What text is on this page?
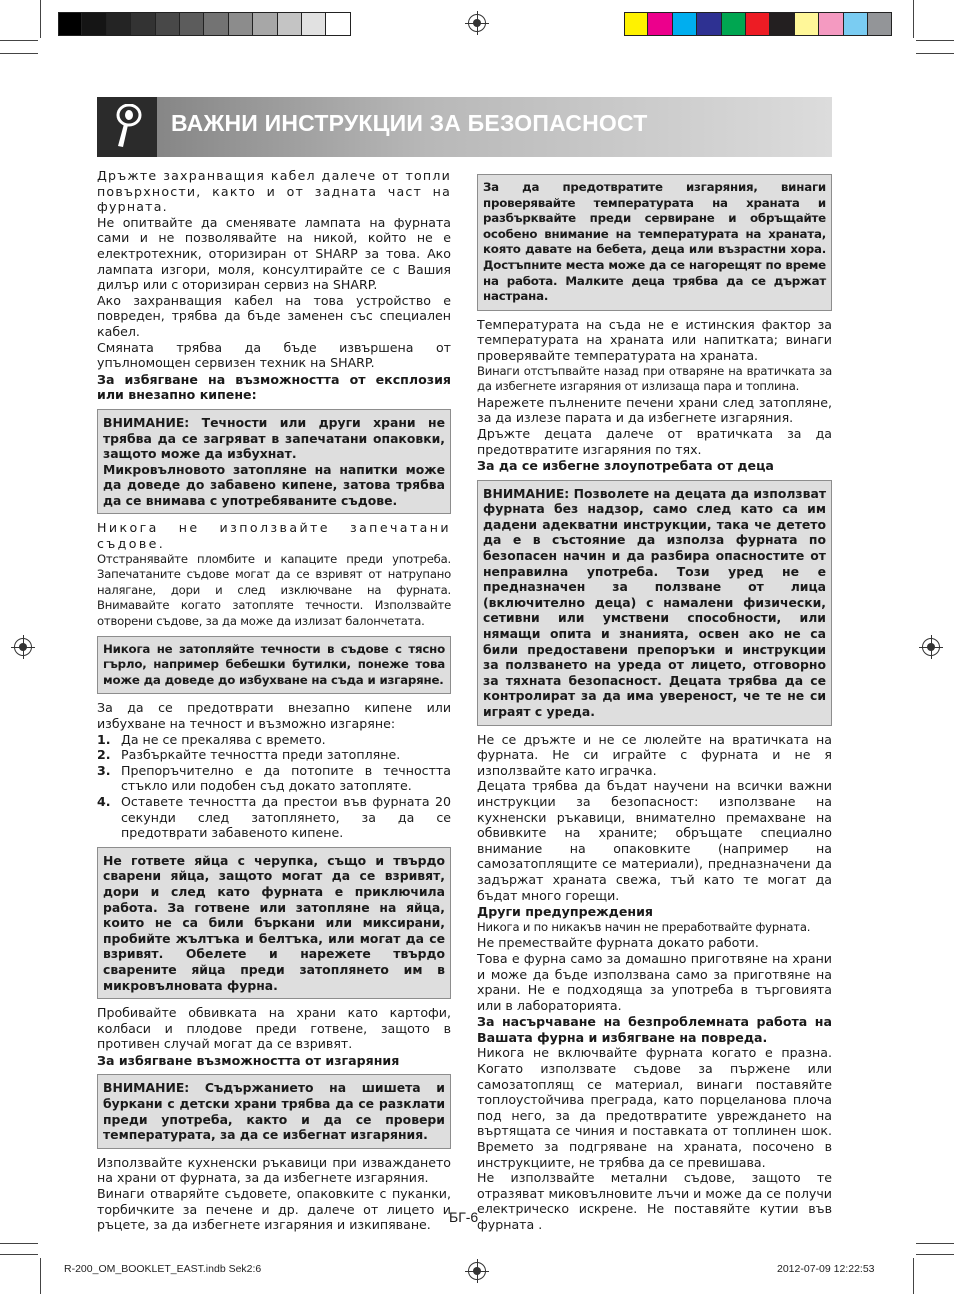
ВАЖНИ ИНСТРУКЦИИ ЗА БЕЗОПАСНОСТ

Дръжте захранващия кабел далече от топли повърхности, както и от задната част на фурната.

Не опитвайте да сменявате лампата на фурната сами и не позволявайте на никой, който не е електротехник, оторизиран от SHARP за това. Ако лампата изгори, моля, консултирайте се с Вашия дилър или с оторизиран сервиз на SHARP.

Ако захранващия кабел на това устройство е повреден, трябва да бъде заменен със специален кабел.

Смяната трябва да бъде извършена от упълномощен сервизен техник на SHARP.

За избягване на възможността от експлозия или внезапно кипене:

ВНИМАНИЕ: Течности или други храни не трябва да се загряват в запечатани опаковки, защото може да избухнат.
Микровълновото затопляне на напитки може да доведе до забавено кипене, затова трябва да се внимава с употребяваните съдове.

Никога не използвайте запечатани съдове.

Отстранявайте пломбите и капаците преди употреба. Запечатаните съдове могат да се взривят от натрупано налягане, дори и след изключване на фурната. Внимавайте когато затопляте течности. Използвайте отворени съдове, за да може да излизат балончетата.

Никога не затопляйте течности в съдове с тясно гърло, например бебешки бутилки, понеже това може да доведе до избухване на съда и изгаряне.

За да се предотврати внезапно кипене или избухване на течност и възможно изгаряне:

1. Да не се прекалява с времето.
2. Разбъркайте течността преди затопляне.
3. Препоръчително е да потопите в течността стъкло или подобен съд докато затопляте.
4. Оставете течността да престои във фурната 20 секунди след затоплянето, за да се предотврати забавеното кипене.
Не гответе яйца с черупка, също и твърдо сварени яйца, защото могат да се взривят, дори и след като фурната е приключила работа. За готвене или затопляне на яйца, които не са били бъркани или миксирани, пробийте жълтъка и белтъка, или могат да се взривят. Обелете и нарежете твърдо сварените яйца преди затоплянето им в микровълновата фурна.

Пробивайте обвивката на храни като картофи, колбаси и плодове преди готвене, защото в противен случай могат да се взривят.

За избягване възможността от изгаряния

ВНИМАНИЕ: Съдържанието на шишета и буркани с детски храни трябва да се разклати преди употреба, както и да се провери температурата, за да се избегнат изгаряния.

Използвайте кухненски ръкавици при изваждането на храни от фурната, за да избегнете изгаряния.

Винаги отваряйте съдовете, опаковките с пуканки, торбичките за печене и др. далече от лицето и ръцете, за да избегнете изгаряния и изкипяване.

За да предотвратите изгаряния, винаги проверявайте температурата на храната и разбърквайте преди сервиране и обръщайте особено внимание на температурата на храната, която давате на бебета, деца или възрастни хора. Достъпните места може да се нагорещят по време на работа. Малките деца трябва да се държат настрана.

Температурата на съда не е истинския фактор за температурата на храната или напитката; винаги проверявайте температурата на храната.

Винаги отстъпвайте назад при отваряне на вратичката за да избегнете изгаряния от излизаща пара и топлина.

Нарежете пълнените печени храни след затопляне, за да излезе парата и да избегнете изгаряния.

Дръжте децата далече от вратичката за да предотвратите изгаряния по тях.

За да се избегне злоупотребата от деца

ВНИМАНИЕ: Позволете на децата да използват фурната без надзор, само след като са им дадени адекватни инструкции, така че детето да е в състояние да използа фурната по безопасен начин и да разбира опасностите от неправилна употреба. Този уред не е предназначен за ползване от лица (включително деца) с намалени физически, сетивни или умствени способности, или нямащи опита и знанията, освен ако не са били предоставени препоръки и инструкции за ползването на уреда от лицето, отговорно за тяхната безопасност. Децата трябва да се контролират за да има увереност, че те не си играят с уреда.

Не се дръжте и не се люлейте на вратичката на фурната. Не си играйте с фурната и не я използвайте като играчка.

Децата трябва да бъдат научени на всички важни инструкции за безопасност: използване на кухненски ръкавици, внимателно премахване на обвивките на храните; обръщате специално внимание на опаковките (например на самозатоплящите се материали), предназначени да задържат храната свежа, тъй като те могат да бъдат много горещи.

Други предупреждения

Никога и по никакъв начин не преработвайте фурната.

Не премествайте фурната докато работи.

Това е фурна само за домашно приготвяне на храни и може да бъде използвана само за приготвяне на храни. Не е подходяща за употреба в търговията или в лабораторията.

За насърчаване на безпроблемната работа на Вашата фурна и избягване на повреда.

Никога не включвайте фурната когато е празна. Когато използвате съдове за пържене или самозатоплящ се материал, винаги поставяйте топлоустойчива преграда, като порцеланова плоча под него, за да предотвратите увреждането на въртящата се чиния и поставката от топлинен шок. Времето за подгряване на храната, посочено в инструкциите, не трябва да се превишава.

Не използвайте метални съдове, защото те отразяват миковълновите лъчи и може да се получи електрическо искрене. Не поставяйте кутии във фурната .

БГ-6
R-200_OM_BOOKLET_EAST.indb Sek2:6	2012-07-09 12:22:53
